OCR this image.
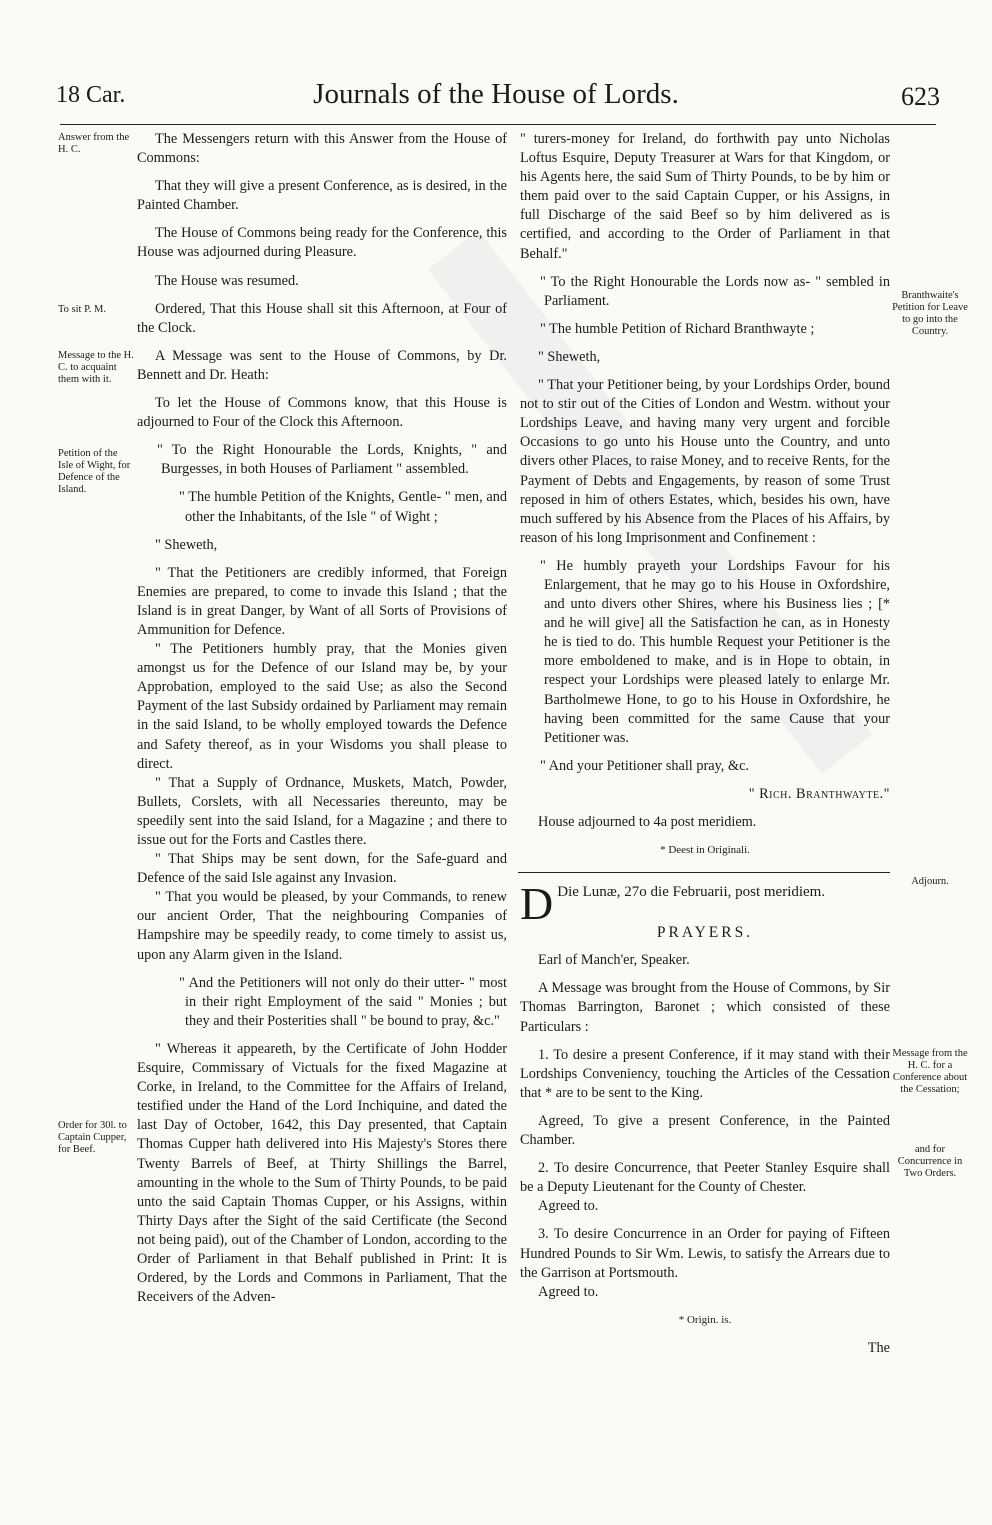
18 Car.	Journals of the House of Lords.	623
Answer from the H. C.
To sit P. M.
Message to the H. C. to acquaint them with it.
Petition of the Isle of Wight, for Defence of the Island.
Order for 30l. to Captain Cupper, for Beef.
Branthwaite's Petition for Leave to go into the Country.
Adjourn.
Message from the H. C. for a Conference about the Cessation;
and for Concurrence in Two Orders.

The Messengers return with this Answer from the House of Commons:

That they will give a present Conference, as is desired, in the Painted Chamber.

The House of Commons being ready for the Conference, this House was adjourned during Pleasure.

The House was resumed.

Ordered, That this House shall sit this Afternoon, at Four of the Clock.

A Message was sent to the House of Commons, by Dr. Bennett and Dr. Heath:

To let the House of Commons know, that this House is adjourned to Four of the Clock this Afternoon.

" To the Right Honourable the Lords, Knights, " and Burgesses, in both Houses of Parliament " assembled.

" The humble Petition of the Knights, Gentle- " men, and other the Inhabitants, of the Isle " of Wight ;

" Sheweth,

" That the Petitioners are credibly informed, that Foreign Enemies are prepared, to come to invade this Island ; that the Island is in great Danger, by Want of all Sorts of Provisions of Ammunition for Defence.

" The Petitioners humbly pray, that the Monies given amongst us for the Defence of our Island may be, by your Approbation, employed to the said Use; as also the Second Payment of the last Subsidy ordained by Parliament may remain in the said Island, to be wholly employed towards the Defence and Safety thereof, as in your Wisdoms you shall please to direct.

" That a Supply of Ordnance, Muskets, Match, Powder, Bullets, Corslets, with all Necessaries thereunto, may be speedily sent into the said Island, for a Magazine ; and there to issue out for the Forts and Castles there.

" That Ships may be sent down, for the Safe-guard and Defence of the said Isle against any Invasion.

" That you would be pleased, by your Commands, to renew our ancient Order, That the neighbouring Companies of Hampshire may be speedily ready, to come timely to assist us, upon any Alarm given in the Island.

" And the Petitioners will not only do their utter- " most in their right Employment of the said " Monies ; but they and their Posterities shall " be bound to pray, &c."

" Whereas it appeareth, by the Certificate of John Hodder Esquire, Commissary of Victuals for the fixed Magazine at Corke, in Ireland, to the Committee for the Affairs of Ireland, testified under the Hand of the Lord Inchiquine, and dated the last Day of October, 1642, this Day presented, that Captain Thomas Cupper hath delivered into His Majesty's Stores there Twenty Barrels of Beef, at Thirty Shillings the Barrel, amounting in the whole to the Sum of Thirty Pounds, to be paid unto the said Captain Thomas Cupper, or his Assigns, within Thirty Days after the Sight of the said Certificate (the Second not being paid), out of the Chamber of London, according to the Order of Parliament in that Behalf published in Print: It is Ordered, by the Lords and Commons in Parliament, That the Receivers of the Adven-

" turers-money for Ireland, do forthwith pay unto Nicholas Loftus Esquire, Deputy Treasurer at Wars for that Kingdom, or his Agents here, the said Sum of Thirty Pounds, to be by him or them paid over to the said Captain Cupper, or his Assigns, in full Discharge of the said Beef so by him delivered as is certified, and according to the Order of Parliament in that Behalf."

" To the Right Honourable the Lords now as- " sembled in Parliament.

" The humble Petition of Richard Branthwayte ;

" Sheweth,

" That your Petitioner being, by your Lordships Order, bound not to stir out of the Cities of London and Westm. without your Lordships Leave, and having many very urgent and forcible Occasions to go unto his House unto the Country, and unto divers other Places, to raise Money, and to receive Rents, for the Payment of Debts and Engagements, by reason of some Trust reposed in him of others Estates, which, besides his own, have much suffered by his Absence from the Places of his Affairs, by reason of his long Imprisonment and Confinement :

" He humbly prayeth your Lordships Favour for his Enlargement, that he may go to his House in Oxfordshire, and unto divers other Shires, where his Business lies ; [* and he will give] all the Satisfaction he can, as in Honesty he is tied to do. This humble Request your Petitioner is the more emboldened to make, and is in Hope to obtain, in respect your Lordships were pleased lately to enlarge Mr. Bartholmewe Hone, to go to his House in Oxfordshire, he having been committed for the same Cause that your Petitioner was.

" And your Petitioner shall pray, &c.

" Rich. Branthwayte."

House adjourned to 4a post meridiem.

* Deest in Originali.

D Die Lunæ, 27o die Februarii, post meridiem.

PRAYERS.

Earl of Manch'er, Speaker.

A Message was brought from the House of Commons, by Sir Thomas Barrington, Baronet ; which consisted of these Particulars :

1. To desire a present Conference, if it may stand with their Lordships Conveniency, touching the Articles of the Cessation that * are to be sent to the King.

Agreed, To give a present Conference, in the Painted Chamber.

2. To desire Concurrence, that Peeter Stanley Esquire shall be a Deputy Lieutenant for the County of Chester.

Agreed to.

3. To desire Concurrence in an Order for paying of Fifteen Hundred Pounds to Sir Wm. Lewis, to satisfy the Arrears due to the Garrison at Portsmouth.

Agreed to.

* Origin. is.

The
